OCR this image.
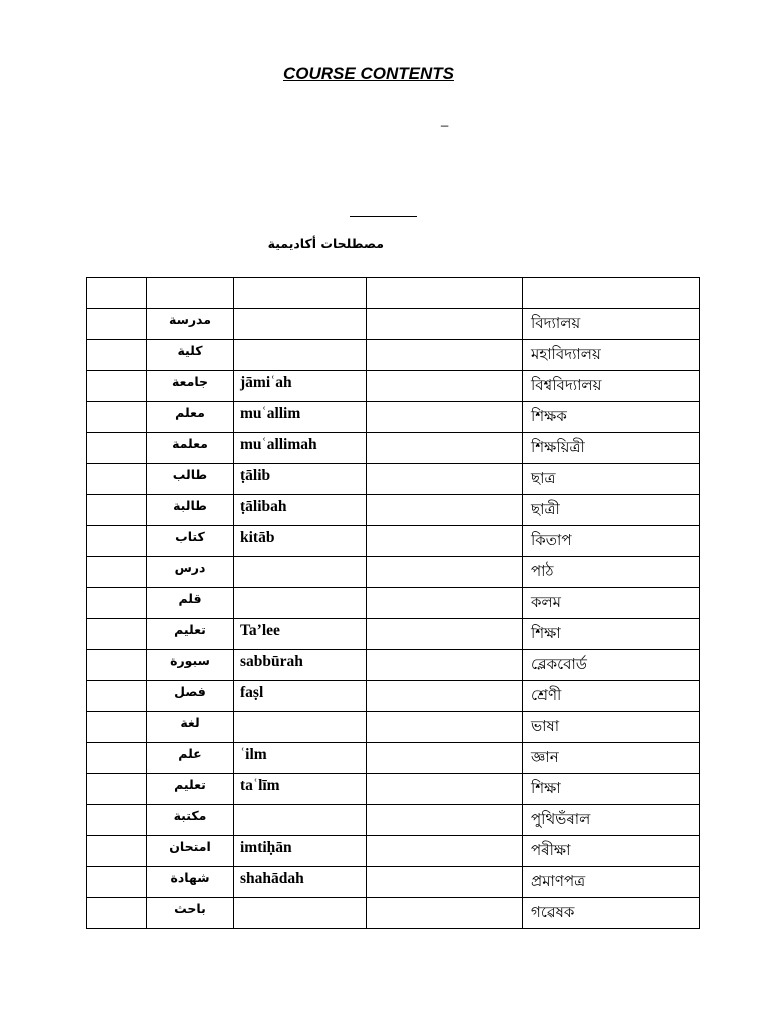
COURSE CONTENTS
_
مصطلحات أكاديمية

	مدرسة			বিদ্যালয়
	كلية			মহাবিদ্যালয়
	جامعة	jāmiʿah		বিশ্ববিদ্যালয়
	معلم	muʿallim		শিক্ষক
	معلمة	muʿallimah		শিক্ষয়িত্রী
	طالب	ṭālib		ছাত্র
	طالبة	ṭālibah		ছাত্রী
	كتاب	kitāb		কিতাপ
	درس			পাঠ
	قلم			কলম
	تعليم	Ta’lee		শিক্ষা
	سبورة	sabbūrah		ব্লেকবোর্ড
	فصل	faṣl		শ্রেণী
	لغة			ভাষা
	علم	ʿilm		জ্ঞান
	تعليم	taʿlīm		শিক্ষা
	مكتبة			পুথিভঁৰাল
	امتحان	imtiḥān		পৰীক্ষা
	شهادة	shahādah		প্রমাণপত্র
	باحث			গৱেষক
